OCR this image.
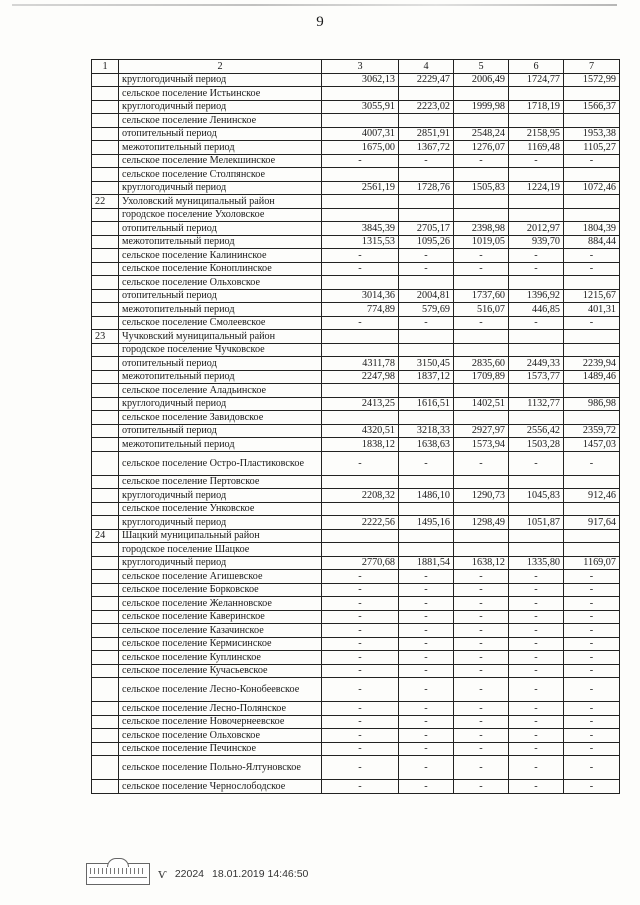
9
1	2	3	4	5	6	7
	круглогодичный период	3062,13	2229,47	2006,49	1724,77	1572,99
	сельское поселение Истьинское					
	круглогодичный период	3055,91	2223,02	1999,98	1718,19	1566,37
	сельское поселение Ленинское					
	отопительный период	4007,31	2851,91	2548,24	2158,95	1953,38
	межотопительный период	1675,00	1367,72	1276,07	1169,48	1105,27
	сельское поселение Мелекшинское	-	-	-	-	-
	сельское поселение Столпянское					
	круглогодичный период	2561,19	1728,76	1505,83	1224,19	1072,46
22	Ухоловский муниципальный район					
	городское поселение Ухоловское					
	отопительный период	3845,39	2705,17	2398,98	2012,97	1804,39
	межотопительный период	1315,53	1095,26	1019,05	939,70	884,44
	сельское поселение Калининское	-	-	-	-	-
	сельское поселение Коноплинское	-	-	-	-	-
	сельское поселение Ольховское					
	отопительный период	3014,36	2004,81	1737,60	1396,92	1215,67
	межотопительный период	774,89	579,69	516,07	446,85	401,31
	сельское поселение Смолеевское	-	-	-	-	-
23	Чучковский муниципальный район					
	городское поселение Чучковское					
	отопительный период	4311,78	3150,45	2835,60	2449,33	2239,94
	межотопительный период	2247,98	1837,12	1709,89	1573,77	1489,46
	сельское поселение Аладьинское					
	круглогодичный период	2413,25	1616,51	1402,51	1132,77	986,98
	сельское поселение Завидовское					
	отопительный период	4320,51	3218,33	2927,97	2556,42	2359,72
	межотопительный период	1838,12	1638,63	1573,94	1503,28	1457,03
	сельское поселение Остро-Пластиковское	-	-	-	-	-
	сельское поселение Пертовское					
	круглогодичный период	2208,32	1486,10	1290,73	1045,83	912,46
	сельское поселение Унковское					
	круглогодичный период	2222,56	1495,16	1298,49	1051,87	917,64
24	Шацкий муниципальный район					
	городское поселение Шацкое					
	круглогодичный период	2770,68	1881,54	1638,12	1335,80	1169,07
	сельское поселение Агишевское	-	-	-	-	-
	сельское поселение Борковское	-	-	-	-	-
	сельское поселение Желанновское	-	-	-	-	-
	сельское поселение Каверинское	-	-	-	-	-
	сельское поселение Казачинское	-	-	-	-	-
	сельское поселение Кермисинское	-	-	-	-	-
	сельское поселение Куплинское	-	-	-	-	-
	сельское поселение Кучасьевское	-	-	-	-	-
	сельское поселение Лесно-Конобеевское	-	-	-	-	-
	сельское поселение Лесно-Полянское	-	-	-	-	-
	сельское поселение Новочернеевское	-	-	-	-	-
	сельское поселение Ольховское	-	-	-	-	-
	сельское поселение Печинское	-	-	-	-	-
	сельское поселение Польно-Ялтуновское	-	-	-	-	-
	сельское поселение Чернослободское	-	-	-	-	-
ѵ 22024 18.01.2019 14:46:50
